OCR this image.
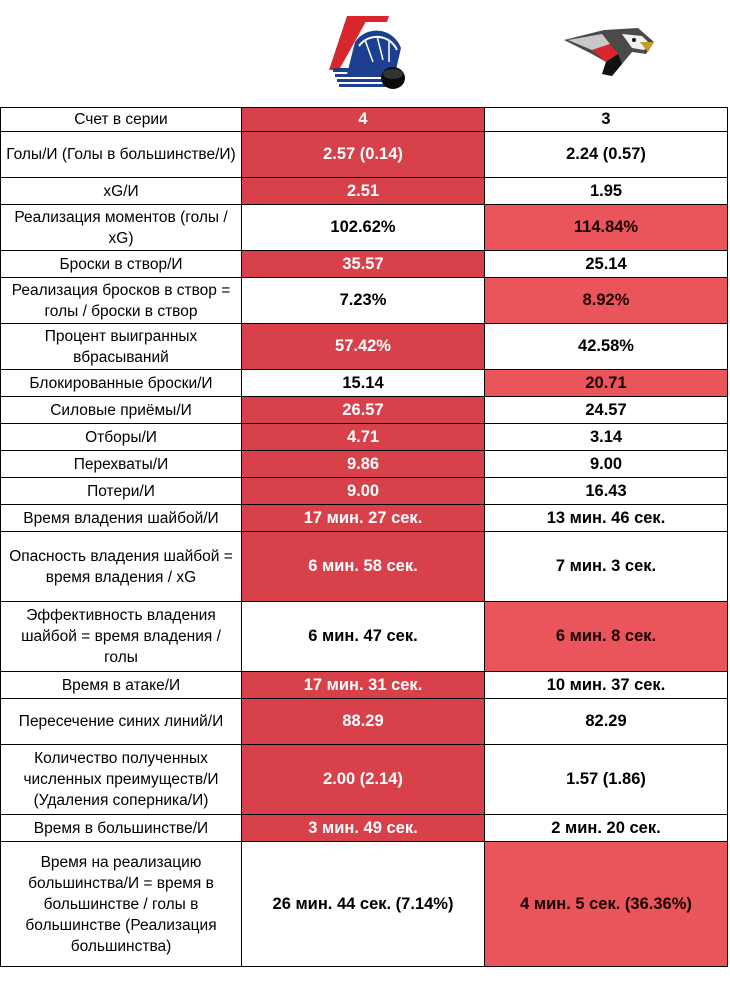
Счет в серии	4	3
Голы/И (Голы в большинстве/И)	2.57 (0.14)	2.24 (0.57)
xG/И	2.51	1.95
Реализация моментов (голы / xG)	102.62%	114.84%
Броски в створ/И	35.57	25.14
Реализация бросков в створ = голы / броски в створ	7.23%	8.92%
Процент выигранных вбрасываний	57.42%	42.58%
Блокированные броски/И	15.14	20.71
Силовые приёмы/И	26.57	24.57
Отборы/И	4.71	3.14
Перехваты/И	9.86	9.00
Потери/И	9.00	16.43
Время владения шайбой/И	17 мин. 27 сек.	13 мин. 46 сек.
Опасность владения шайбой = время владения / xG	6 мин. 58 сек.	7 мин. 3 сек.
Эффективность владения шайбой = время владения / голы	6 мин. 47 сек.	6 мин. 8 сек.
Время в атаке/И	17 мин. 31 сек.	10 мин. 37 сек.
Пересечение синих линий/И	88.29	82.29
Количество полученных численных преимуществ/И (Удаления соперника/И)	2.00 (2.14)	1.57 (1.86)
Время в большинстве/И	3 мин. 49 сек.	2 мин. 20 сек.
Время на реализацию большинства/И = время в большинстве / голы в большинстве (Реализация большинства)	26 мин. 44 сек. (7.14%)	4 мин. 5 сек. (36.36%)
